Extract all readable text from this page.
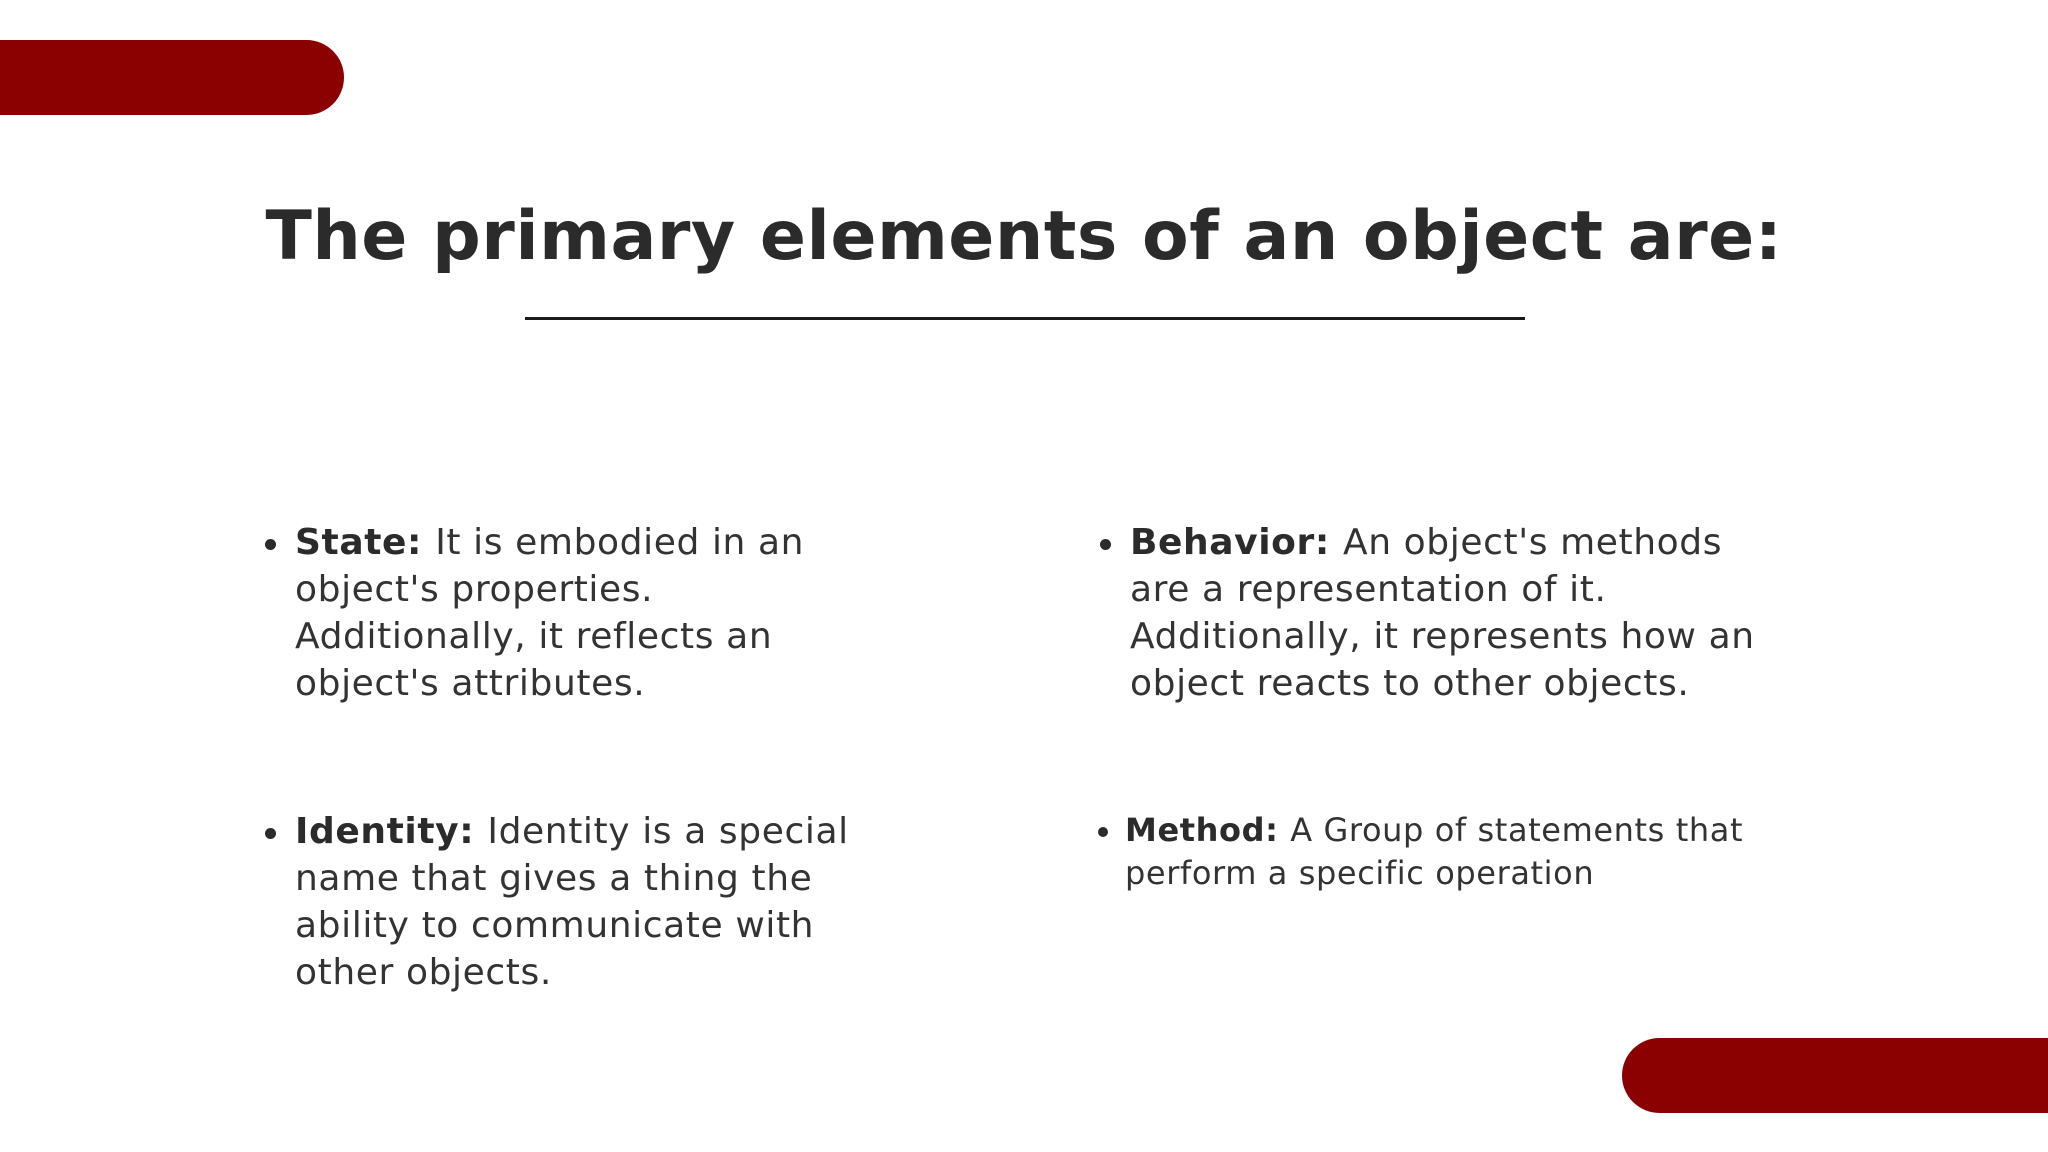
The primary elements of an object are:
State: It is embodied in an object's properties. Additionally, it reflects an object's attributes.
Identity: Identity is a special name that gives a thing the ability to communicate with other objects.
Behavior: An object's methods are a representation of it. Additionally, it represents how an object reacts to other objects.
Method: A Group of statements that perform a specific operation
